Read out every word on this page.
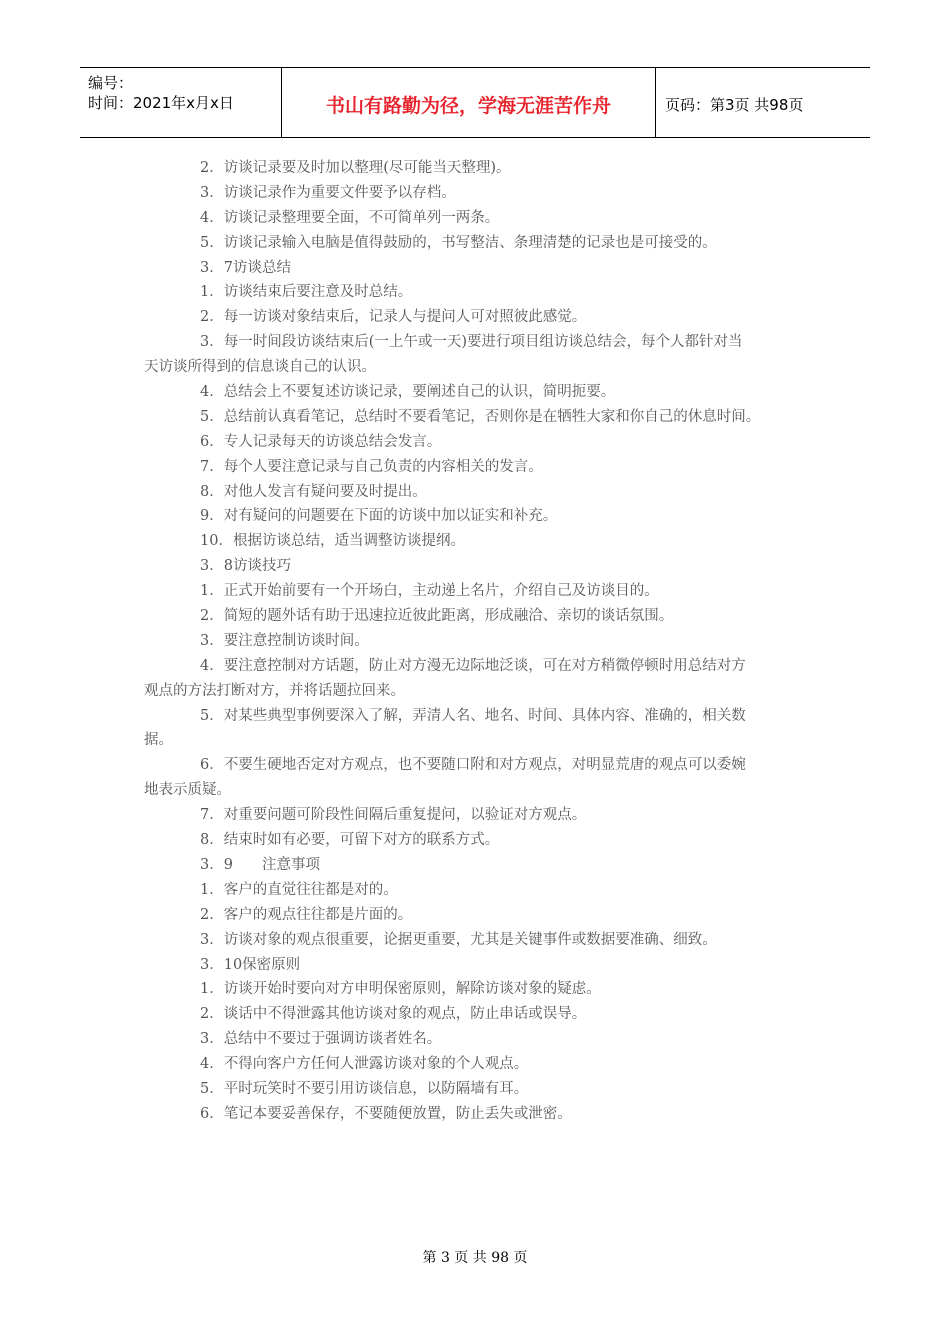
编号：
时间：2021年x月x日	书山有路勤为径，学海无涯苦作舟	页码：第3页 共98页
2．访谈记录要及时加以整理(尽可能当天整理)。
3．访谈记录作为重要文件要予以存档。
4．访谈记录整理要全面，不可简单列一两条。
5．访谈记录输入电脑是值得鼓励的，书写整洁、条理清楚的记录也是可接受的。
3．7访谈总结
1．访谈结束后要注意及时总结。
2．每一访谈对象结束后，记录人与提问人可对照彼此感觉。
3．每一时间段访谈结束后(一上午或一天)要进行项目组访谈总结会，每个人都针对当
天访谈所得到的信息谈自己的认识。
4．总结会上不要复述访谈记录，要阐述自己的认识，简明扼要。
5．总结前认真看笔记，总结时不要看笔记，否则你是在牺牲大家和你自己的休息时间。
6．专人记录每天的访谈总结会发言。
7．每个人要注意记录与自己负责的内容相关的发言。
8．对他人发言有疑问要及时提出。
9．对有疑问的问题要在下面的访谈中加以证实和补充。
10．根据访谈总结，适当调整访谈提纲。
3．8访谈技巧
1．正式开始前要有一个开场白，主动递上名片，介绍自己及访谈目的。
2．简短的题外话有助于迅速拉近彼此距离，形成融洽、亲切的谈话氛围。
3．要注意控制访谈时间。
4．要注意控制对方话题，防止对方漫无边际地泛谈，可在对方稍微停顿时用总结对方
观点的方法打断对方，并将话题拉回来。
5．对某些典型事例要深入了解，弄清人名、地名、时间、具体内容、准确的，相关数
据。
6．不要生硬地否定对方观点，也不要随口附和对方观点，对明显荒唐的观点可以委婉
地表示质疑。
7．对重要问题可阶段性间隔后重复提问，以验证对方观点。
8．结束时如有必要，可留下对方的联系方式。
3．9　　注意事项
1．客户的直觉往往都是对的。
2．客户的观点往往都是片面的。
3．访谈对象的观点很重要，论据更重要，尤其是关键事件或数据要准确、细致。
3．10保密原则
1．访谈开始时要向对方申明保密原则，解除访谈对象的疑虑。
2．谈话中不得泄露其他访谈对象的观点，防止串话或误导。
3．总结中不要过于强调访谈者姓名。
4．不得向客户方任何人泄露访谈对象的个人观点。
5．平时玩笑时不要引用访谈信息，以防隔墙有耳。
6．笔记本要妥善保存，不要随便放置，防止丢失或泄密。
第 3 页 共 98 页
